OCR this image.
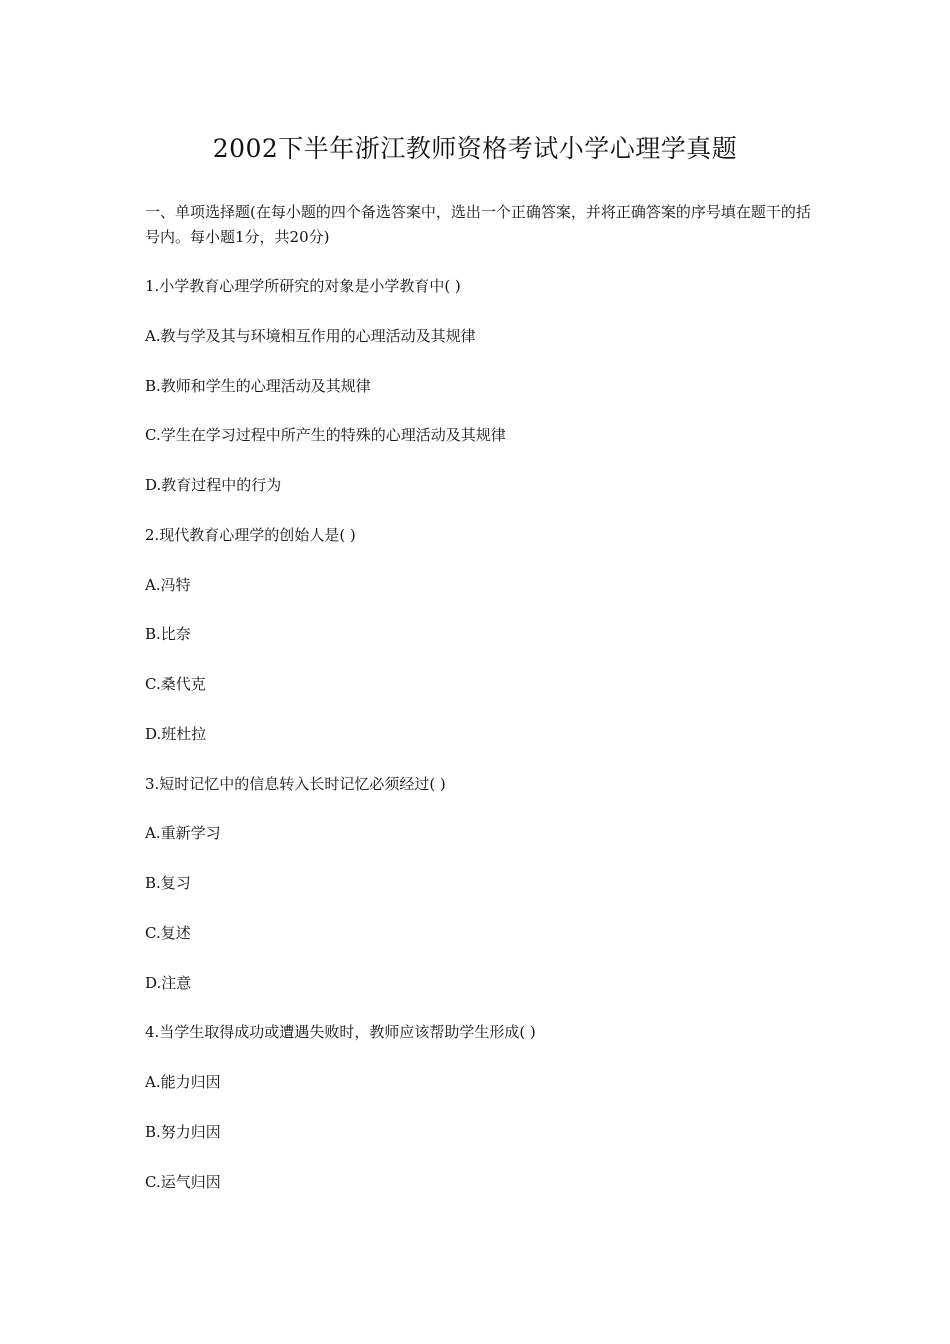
2002下半年浙江教师资格考试小学心理学真题
一、单项选择题(在每小题的四个备选答案中，选出一个正确答案，并将正确答案的序号填在题干的括号内。每小题1分，共20分)
1.小学教育心理学所研究的对象是小学教育中( )
A.教与学及其与环境相互作用的心理活动及其规律
B.教师和学生的心理活动及其规律
C.学生在学习过程中所产生的特殊的心理活动及其规律
D.教育过程中的行为
2.现代教育心理学的创始人是( )
A.冯特
B.比奈
C.桑代克
D.班杜拉
3.短时记忆中的信息转入长时记忆必须经过( )
A.重新学习
B.复习
C.复述
D.注意
4.当学生取得成功或遭遇失败时，教师应该帮助学生形成( )
A.能力归因
B.努力归因
C.运气归因
